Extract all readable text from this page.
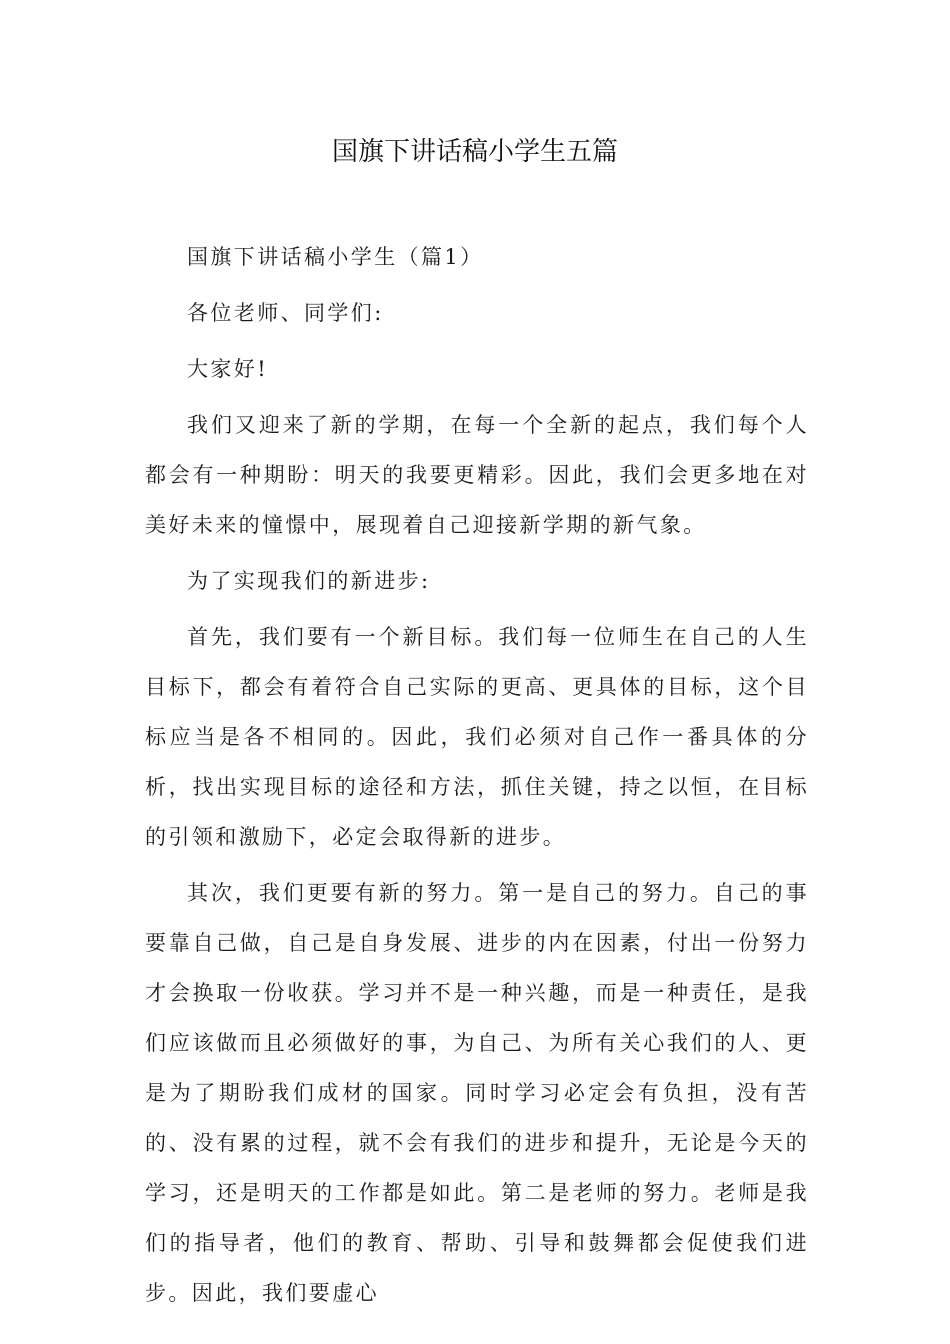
国旗下讲话稿小学生五篇

国旗下讲话稿小学生（篇1）

各位老师、同学们:

大家好!

我们又迎来了新的学期，在每一个全新的起点，我们每个人都会有一种期盼：明天的我要更精彩。因此，我们会更多地在对美好未来的憧憬中，展现着自己迎接新学期的新气象。

为了实现我们的新进步:

首先，我们要有一个新目标。我们每一位师生在自己的人生目标下，都会有着符合自己实际的更高、更具体的目标，这个目标应当是各不相同的。因此，我们必须对自己作一番具体的分析，找出实现目标的途径和方法，抓住关键，持之以恒，在目标的引领和激励下，必定会取得新的进步。

其次，我们更要有新的努力。第一是自己的努力。自己的事要靠自己做，自己是自身发展、进步的内在因素，付出一份努力才会换取一份收获。学习并不是一种兴趣，而是一种责任，是我们应该做而且必须做好的事，为自己、为所有关心我们的人、更是为了期盼我们成材的国家。同时学习必定会有负担，没有苦的、没有累的过程，就不会有我们的进步和提升，无论是今天的学习，还是明天的工作都是如此。第二是老师的努力。老师是我们的指导者，他们的教育、帮助、引导和鼓舞都会促使我们进步。因此，我们要虚心
